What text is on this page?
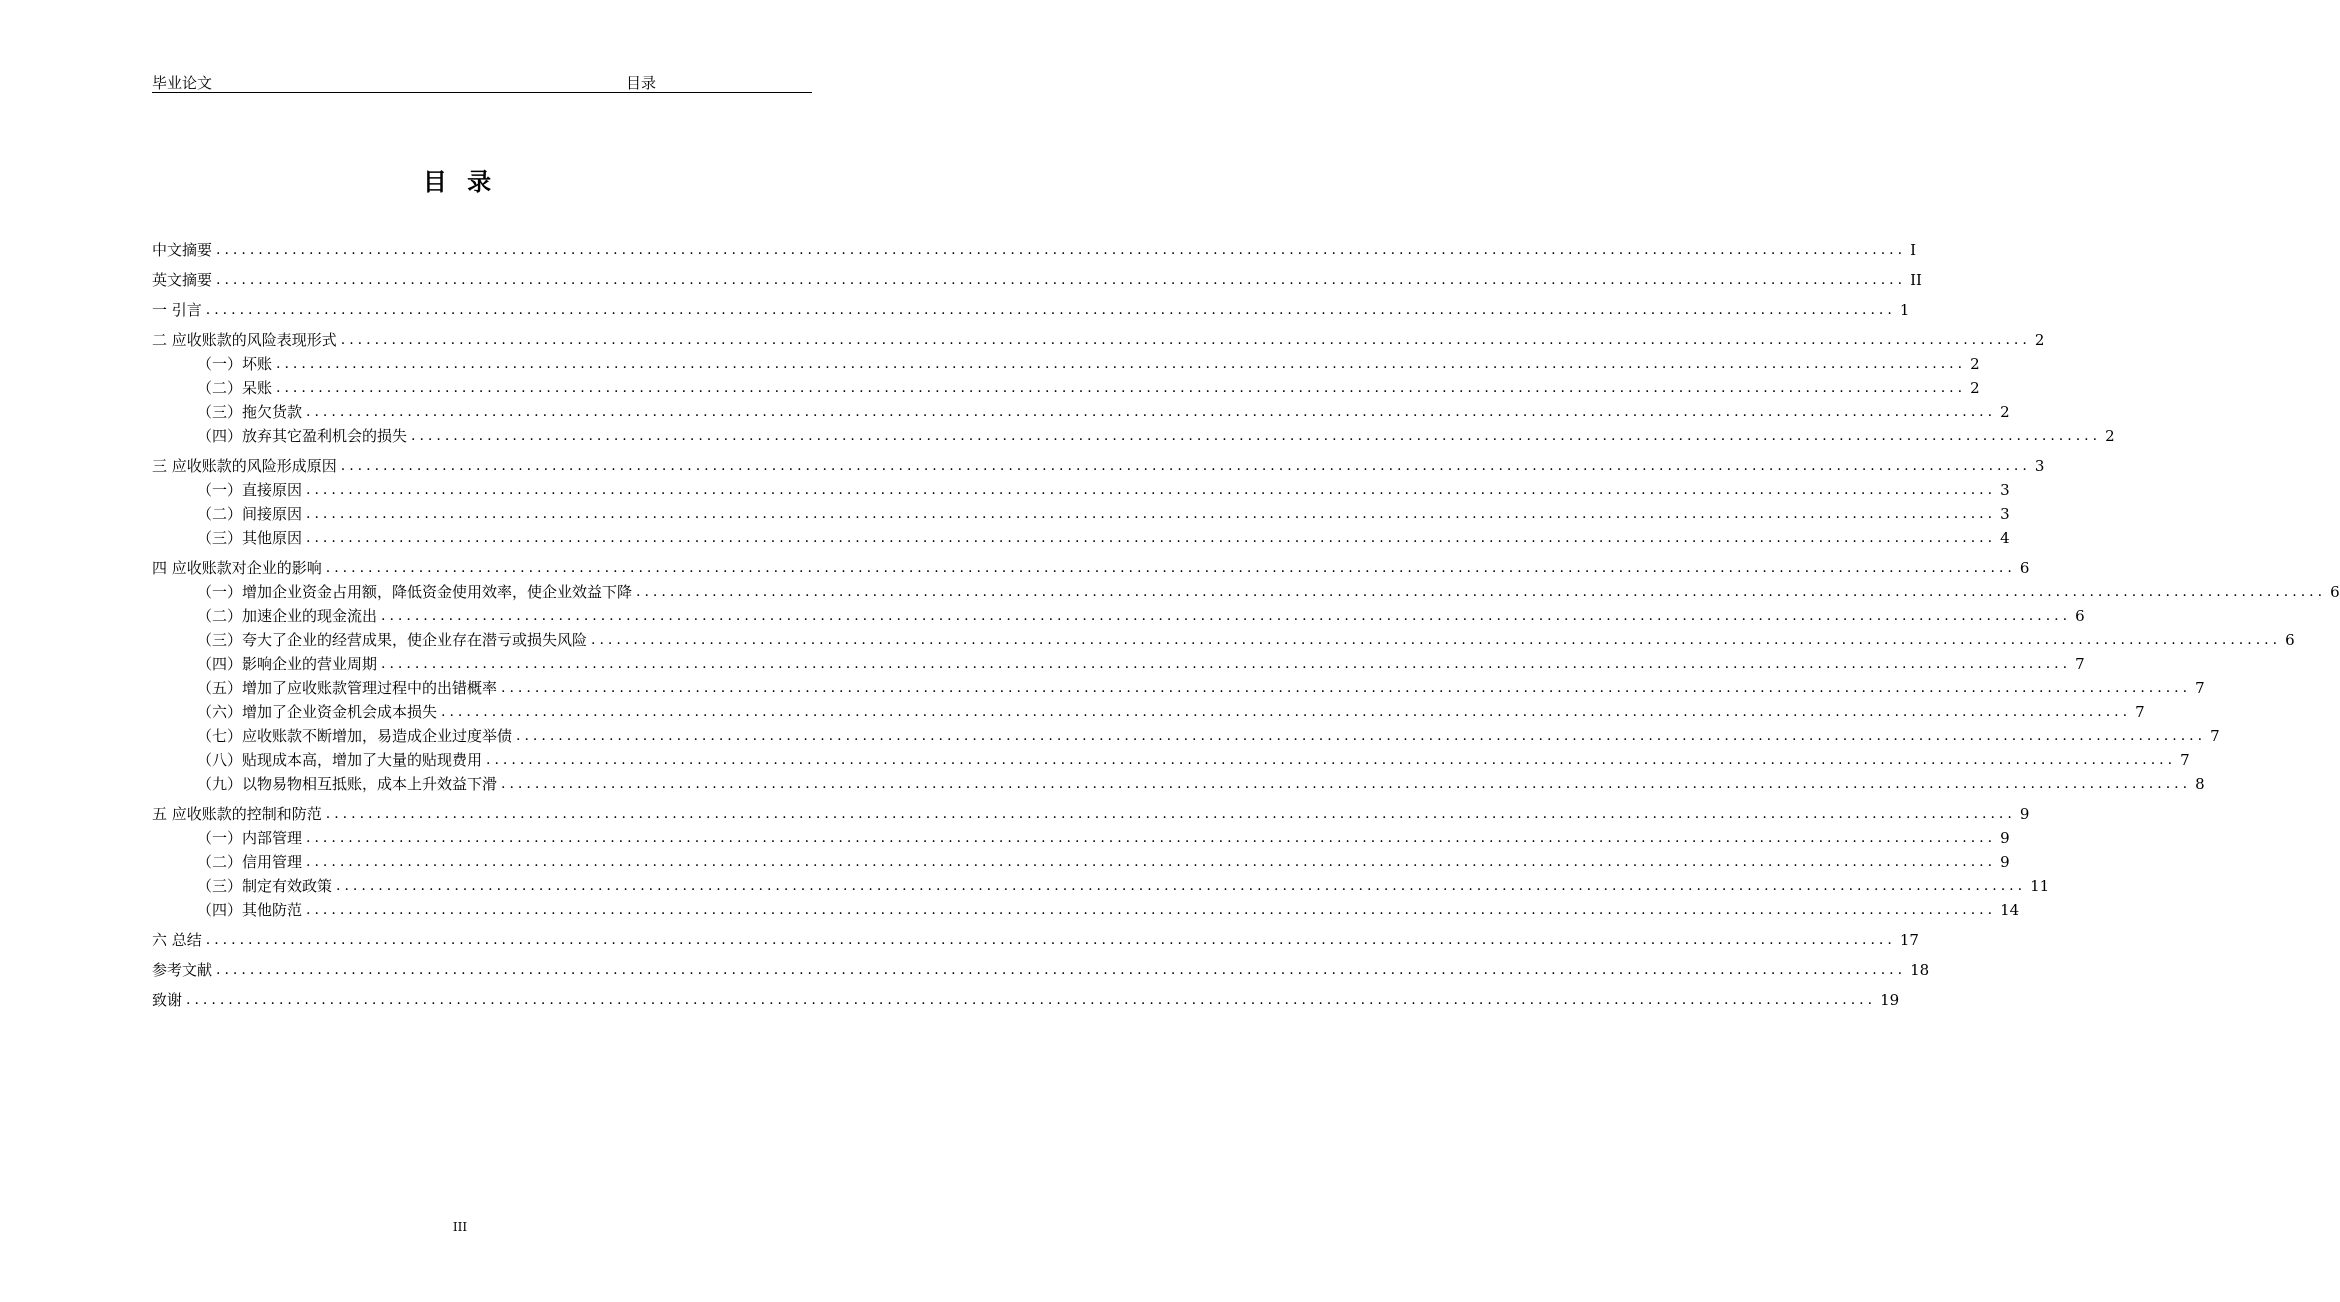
毕业论文	目录
目 录
中文摘要 ........................................................................................................................................................................................................ I
英文摘要 ........................................................................................................................................................................................................ II
一 引言 ........................................................................................................................................................................................................ 1
二 应收账款的风险表现形式 ........................................................................................................................................................................................................ 2
（一）坏账 ........................................................................................................................................................................................................ 2
（二）呆账 ........................................................................................................................................................................................................ 2
（三）拖欠货款 ........................................................................................................................................................................................................ 2
（四）放弃其它盈利机会的损失 ........................................................................................................................................................................................................ 2
三 应收账款的风险形成原因 ........................................................................................................................................................................................................ 3
（一）直接原因 ........................................................................................................................................................................................................ 3
（二）间接原因 ........................................................................................................................................................................................................ 3
（三）其他原因 ........................................................................................................................................................................................................ 4
四 应收账款对企业的影响 ........................................................................................................................................................................................................ 6
（一）增加企业资金占用额，降低资金使用效率，使企业效益下降 ........................................................................................................................................................................................................ 6
（二）加速企业的现金流出 ........................................................................................................................................................................................................ 6
（三）夸大了企业的经营成果，使企业存在潜亏或损失风险 ........................................................................................................................................................................................................ 6
（四）影响企业的营业周期 ........................................................................................................................................................................................................ 7
（五）增加了应收账款管理过程中的出错概率 ........................................................................................................................................................................................................ 7
（六）增加了企业资金机会成本损失 ........................................................................................................................................................................................................ 7
（七）应收账款不断增加，易造成企业过度举债 ........................................................................................................................................................................................................ 7
（八）贴现成本高，增加了大量的贴现费用 ........................................................................................................................................................................................................ 7
（九）以物易物相互抵账，成本上升效益下滑 ........................................................................................................................................................................................................ 8
五 应收账款的控制和防范 ........................................................................................................................................................................................................ 9
（一）内部管理 ........................................................................................................................................................................................................ 9
（二）信用管理 ........................................................................................................................................................................................................ 9
（三）制定有效政策 ........................................................................................................................................................................................................ 11
（四）其他防范 ........................................................................................................................................................................................................ 14
六 总结 ........................................................................................................................................................................................................ 17
参考文献 ........................................................................................................................................................................................................ 18
致谢 ........................................................................................................................................................................................................ 19
III
